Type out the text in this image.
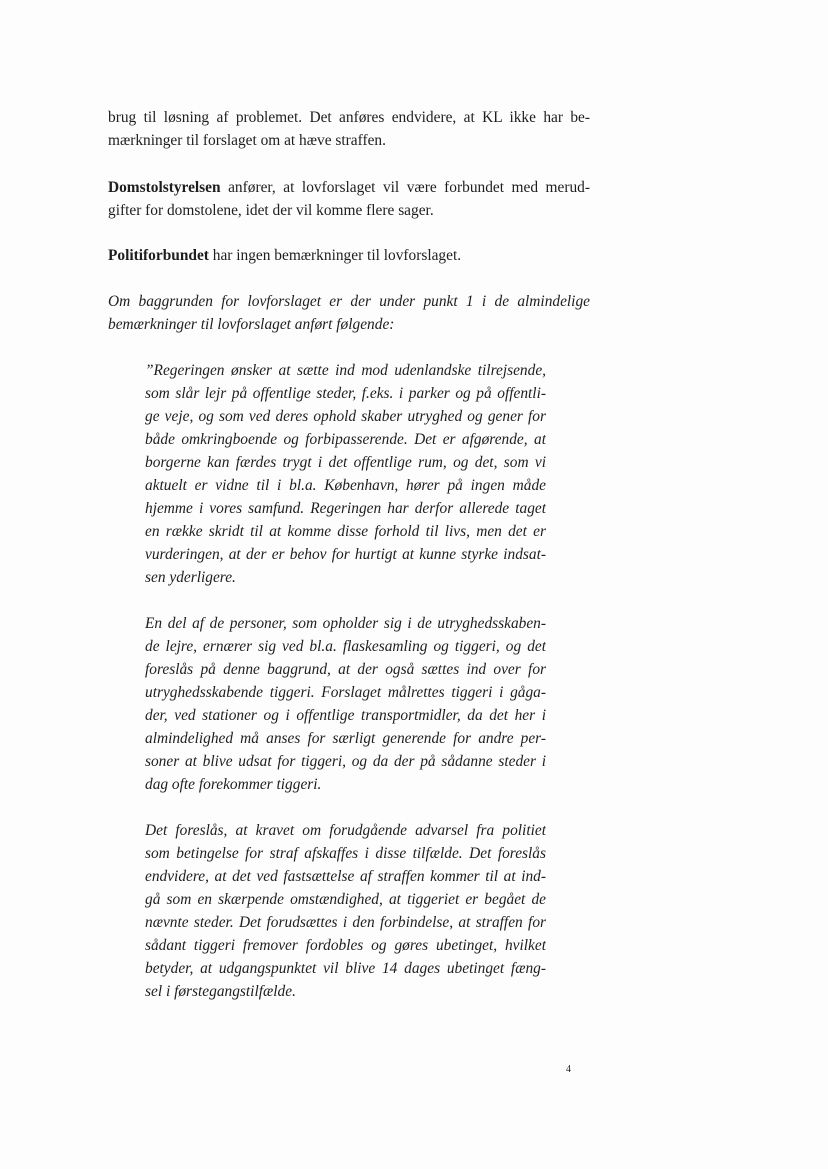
brug til løsning af problemet. Det anføres endvidere, at KL ikke har be-
mærkninger til forslaget om at hæve straffen.
Domstolstyrelsen anfører, at lovforslaget vil være forbundet med merud-
gifter for domstolene, idet der vil komme flere sager.
Politiforbundet har ingen bemærkninger til lovforslaget.
Om baggrunden for lovforslaget er der under punkt 1 i de almindelige
bemærkninger til lovforslaget anført følgende:
”Regeringen ønsker at sætte ind mod udenlandske tilrejsende,
som slår lejr på offentlige steder, f.eks. i parker og på offentli-
ge veje, og som ved deres ophold skaber utryghed og gener for
både omkringboende og forbipasserende. Det er afgørende, at
borgerne kan færdes trygt i det offentlige rum, og det, som vi
aktuelt er vidne til i bl.a. København, hører på ingen måde
hjemme i vores samfund. Regeringen har derfor allerede taget
en række skridt til at komme disse forhold til livs, men det er
vurderingen, at der er behov for hurtigt at kunne styrke indsat-
sen yderligere.
En del af de personer, som opholder sig i de utryghedsskaben-
de lejre, ernærer sig ved bl.a. flaskesamling og tiggeri, og det
foreslås på denne baggrund, at der også sættes ind over for
utryghedsskabende tiggeri. Forslaget målrettes tiggeri i gåga-
der, ved stationer og i offentlige transportmidler, da det her i
almindelighed må anses for særligt generende for andre per-
soner at blive udsat for tiggeri, og da der på sådanne steder i
dag ofte forekommer tiggeri.
Det foreslås, at kravet om forudgående advarsel fra politiet
som betingelse for straf afskaffes i disse tilfælde. Det foreslås
endvidere, at det ved fastsættelse af straffen kommer til at ind-
gå som en skærpende omstændighed, at tiggeriet er begået de
nævnte steder. Det forudsættes i den forbindelse, at straffen for
sådant tiggeri fremover fordobles og gøres ubetinget, hvilket
betyder, at udgangspunktet vil blive 14 dages ubetinget fæng-
sel i førstegangstilfælde.
4
